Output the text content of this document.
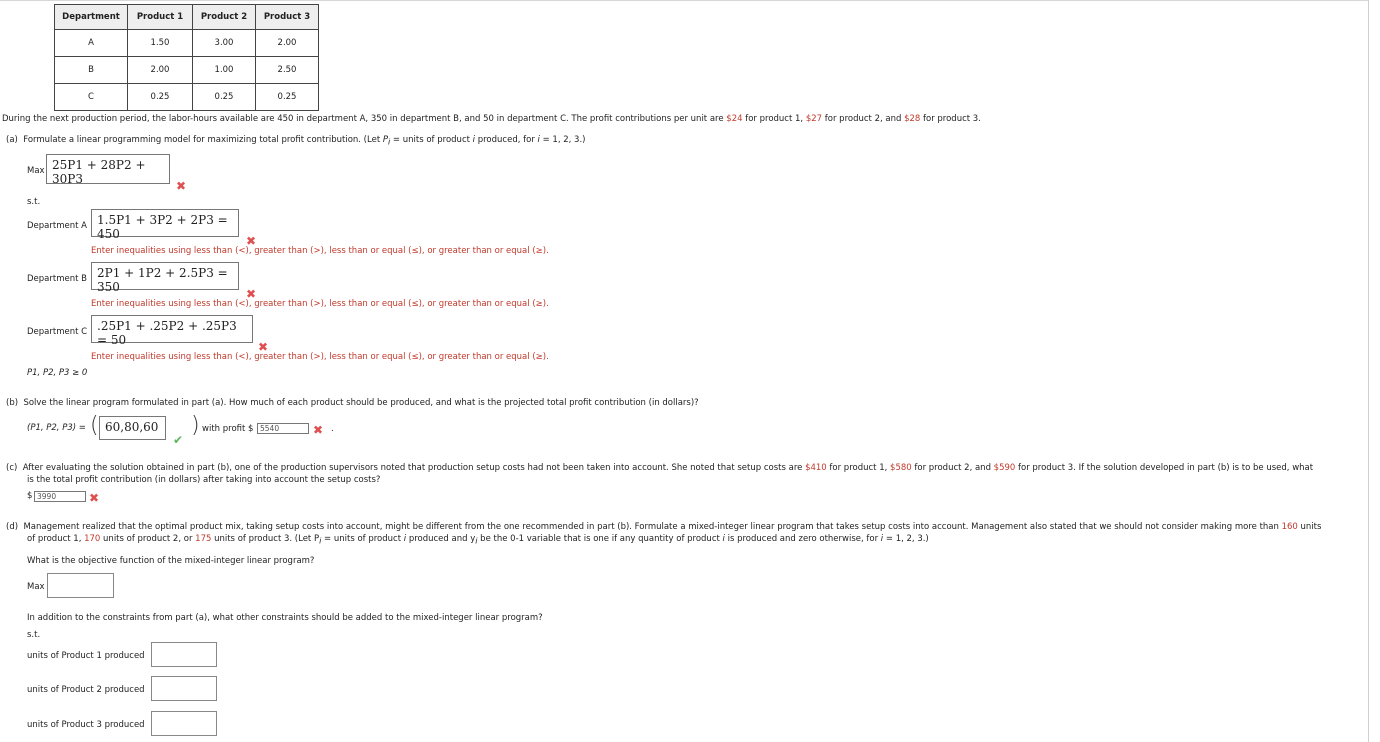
Department	Product 1	Product 2	Product 3
A	1.50	3.00	2.00
B	2.00	1.00	2.50
C	0.25	0.25	0.25
During the next production period, the labor-hours available are 450 in department A, 350 in department B, and 50 in department C. The profit contributions per unit are $24 for product 1, $27 for product 2, and $28 for product 3.
(a) Formulate a linear programming model for maximizing total profit contribution. (Let $P_i$ = units of product i produced, for i = 1, 2, 3.)
Max 25P1 + 28P2 + 30P3	✖
s.t.
Department A 1.5P1 + 3P2 + 2P3 = 450	✖
Enter inequalities using less than (<), greater than (>), less than or equal (≤), or greater than or equal (≥).
Department B 2P1 + 1P2 + 2.5P3 = 350	✖
Enter inequalities using less than (<), greater than (>), less than or equal (≤), or greater than or equal (≥).
Department C .25P1 + .25P2 + .25P3 = 50	✖
Enter inequalities using less than (<), greater than (>), less than or equal (≤), or greater than or equal (≥).
P1, P2, P3 ≥ 0
(b) Solve the linear program formulated in part (a). How much of each product should be produced, and what is the projected total profit contribution (in dollars)?
(P1, P2, P3) = ( 60,80,60
✔
) with profit $ 5540	✖ .
(c) After evaluating the solution obtained in part (b), one of the production supervisors noted that production setup costs had not been taken into account. She noted that setup costs are $410 for product 1, $580 for product 2, and $590 for product 3. If the solution developed in part (b) is to be used, what
is the total profit contribution (in dollars) after taking into account the setup costs?
$ 3990	✖
(d) Management realized that the optimal product mix, taking setup costs into account, might be different from the one recommended in part (b). Formulate a mixed-integer linear program that takes setup costs into account. Management also stated that we should not consider making more than 160 units
of product 1, 170 units of product 2, or 175 units of product 3. (Let $P_i$ = units of product i produced and $y_i$ be the 0-1 variable that is one if any quantity of product i is produced and zero otherwise, for i = 1, 2, 3.)
What is the objective function of the mixed-integer linear program?
Max
In addition to the constraints from part (a), what other constraints should be added to the mixed-integer linear program?
s.t.
units of Product 1 produced
units of Product 2 produced
units of Product 3 produced
